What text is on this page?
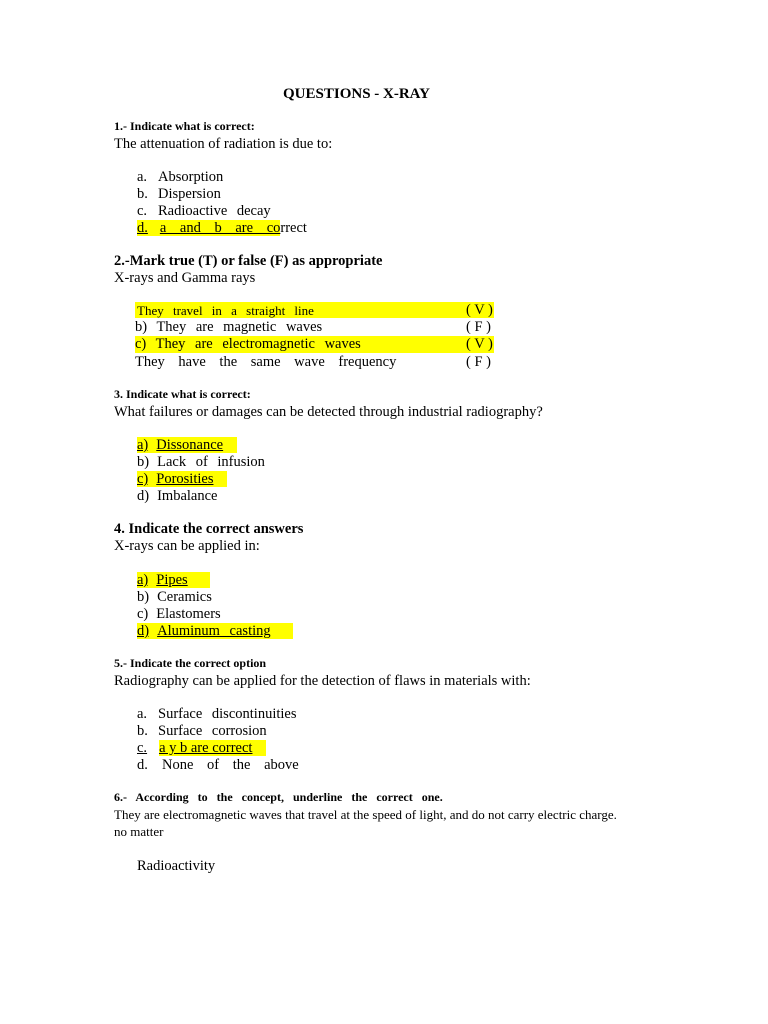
QUESTIONS - X-RAY
1.- Indicate what is correct:
The attenuation of radiation is due to:
a. Absorption
b. Dispersion
c. Radioactive decay
d. a and b are correct
2.-Mark true (T) or false (F) as appropriate
X-rays and Gamma rays
They travel in a straight line	( V )
b) They are magnetic waves	( F )
c) They are electromagnetic waves	( V )
They have the same wave frequency	( F )
3. Indicate what is correct:
What failures or damages can be detected through industrial radiography?
a) Dissonance
b) Lack of infusion
c) Porosities
d) Imbalance
4. Indicate the correct answers
X-rays can be applied in:
a) Pipes
b) Ceramics
c) Elastomers
d) Aluminum casting
5.- Indicate the correct option
Radiography can be applied for the detection of flaws in materials with:
a. Surface discontinuities
b. Surface corrosion
c. a y b are correct
d. None of the above
6.- According to the concept, underline the correct one.
They are electromagnetic waves that travel at the speed of light, and do not carry electric charge.
no matter
Radioactivity
